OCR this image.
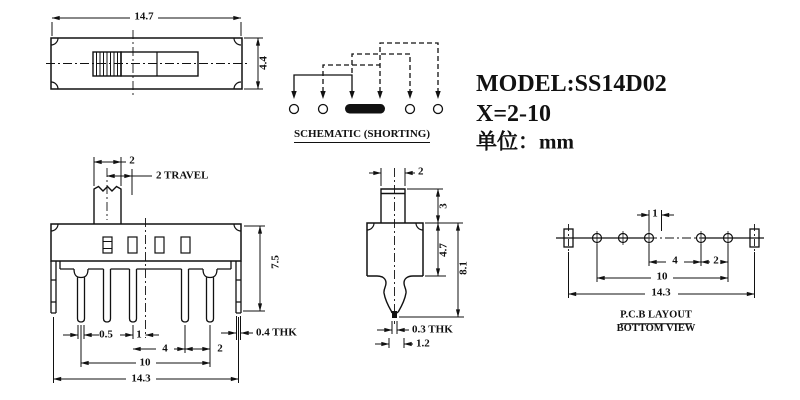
14.7
4.4
MODEL:SS14D02
X=2-10
单位：mm
SCHEMATIC (SHORTING)
2
2 TRAVEL
0.5 1
4	2
10
14.3
7.5
0.4 THK
2
3
4.7
8.1
0.3 THK
1.2
1
4	2
10
14.3
P.C.B LAYOUT
BOTTOM VIEW
